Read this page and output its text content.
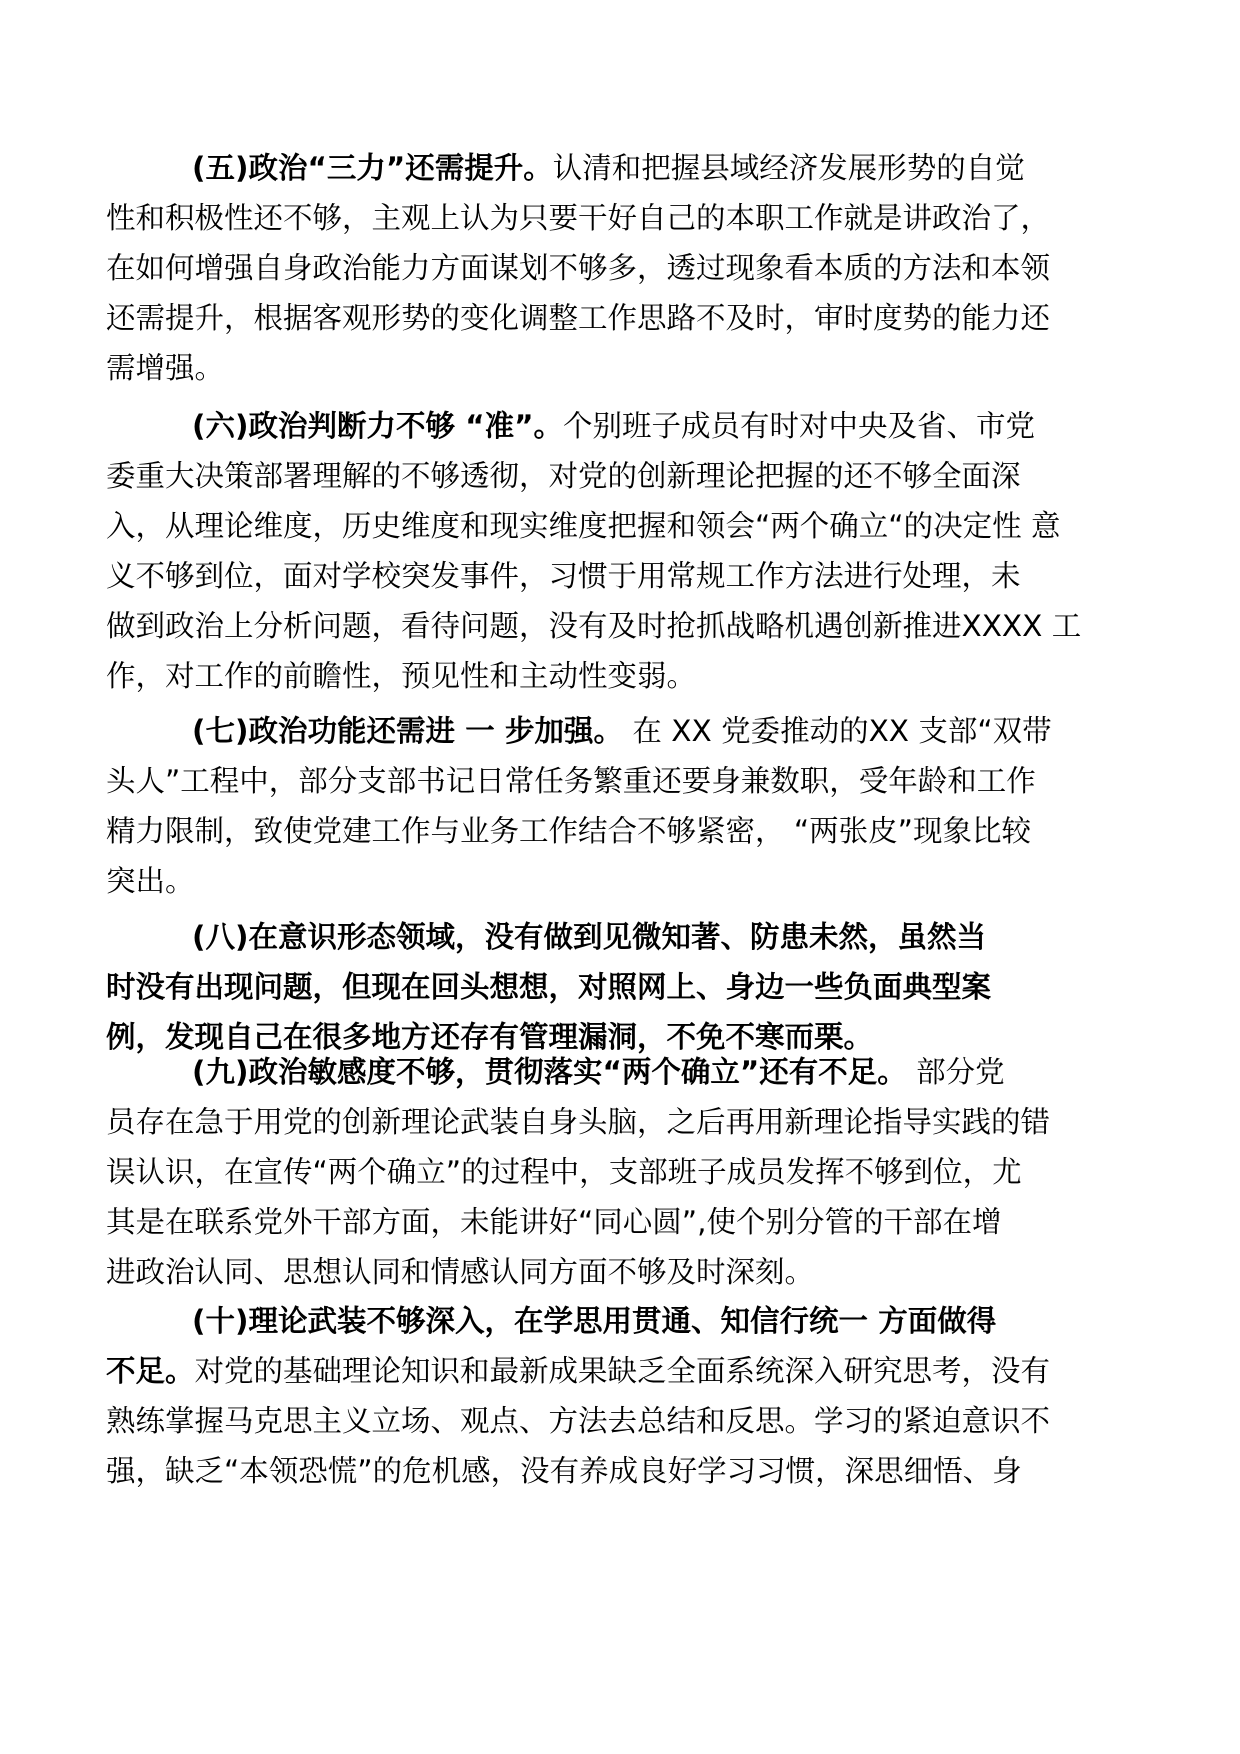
(五)政治“三力”还需提升。认清和把握县域经济发展形势的自觉
性和积极性还不够，主观上认为只要干好自己的本职工作就是讲政治了，
在如何增强自身政治能力方面谋划不够多，透过现象看本质的方法和本领
还需提升，根据客观形势的变化调整工作思路不及时，审时度势的能力还
需增强。
(六)政治判断力不够 “准”。个别班子成员有时对中央及省、市党
委重大决策部署理解的不够透彻，对党的创新理论把握的还不够全面深
入，从理论维度，历史维度和现实维度把握和领会“两个确立“的决定性 意
义不够到位，面对学校突发事件，习惯于用常规工作方法进行处理，未
做到政治上分析问题，看待问题，没有及时抢抓战略机遇创新推进XXXX 工
作，对工作的前瞻性，预见性和主动性变弱。
(七)政治功能还需进 一 步加强。 在 XX 党委推动的XX 支部“双带
头人”工程中，部分支部书记日常任务繁重还要身兼数职，受年龄和工作
精力限制，致使党建工作与业务工作结合不够紧密， “两张皮”现象比较
突出。
(八)在意识形态领域，没有做到见微知著、防患未然，虽然当
时没有出现问题，但现在回头想想，对照网上、身边一些负面典型案
例，发现自己在很多地方还存有管理漏洞，不免不寒而栗。
(九)政治敏感度不够，贯彻落实“两个确立”还有不足。 部分党
员存在急于用党的创新理论武装自身头脑，之后再用新理论指导实践的错
误认识，在宣传“两个确立”的过程中，支部班子成员发挥不够到位，尤
其是在联系党外干部方面，未能讲好“同心圆”,使个别分管的干部在增
进政治认同、思想认同和情感认同方面不够及时深刻。
(十)理论武装不够深入，在学思用贯通、知信行统一 方面做得
不足。对党的基础理论知识和最新成果缺乏全面系统深入研究思考，没有
熟练掌握马克思主义立场、观点、方法去总结和反思。学习的紧迫意识不
强，缺乏“本领恐慌”的危机感，没有养成良好学习习惯，深思细悟、身
